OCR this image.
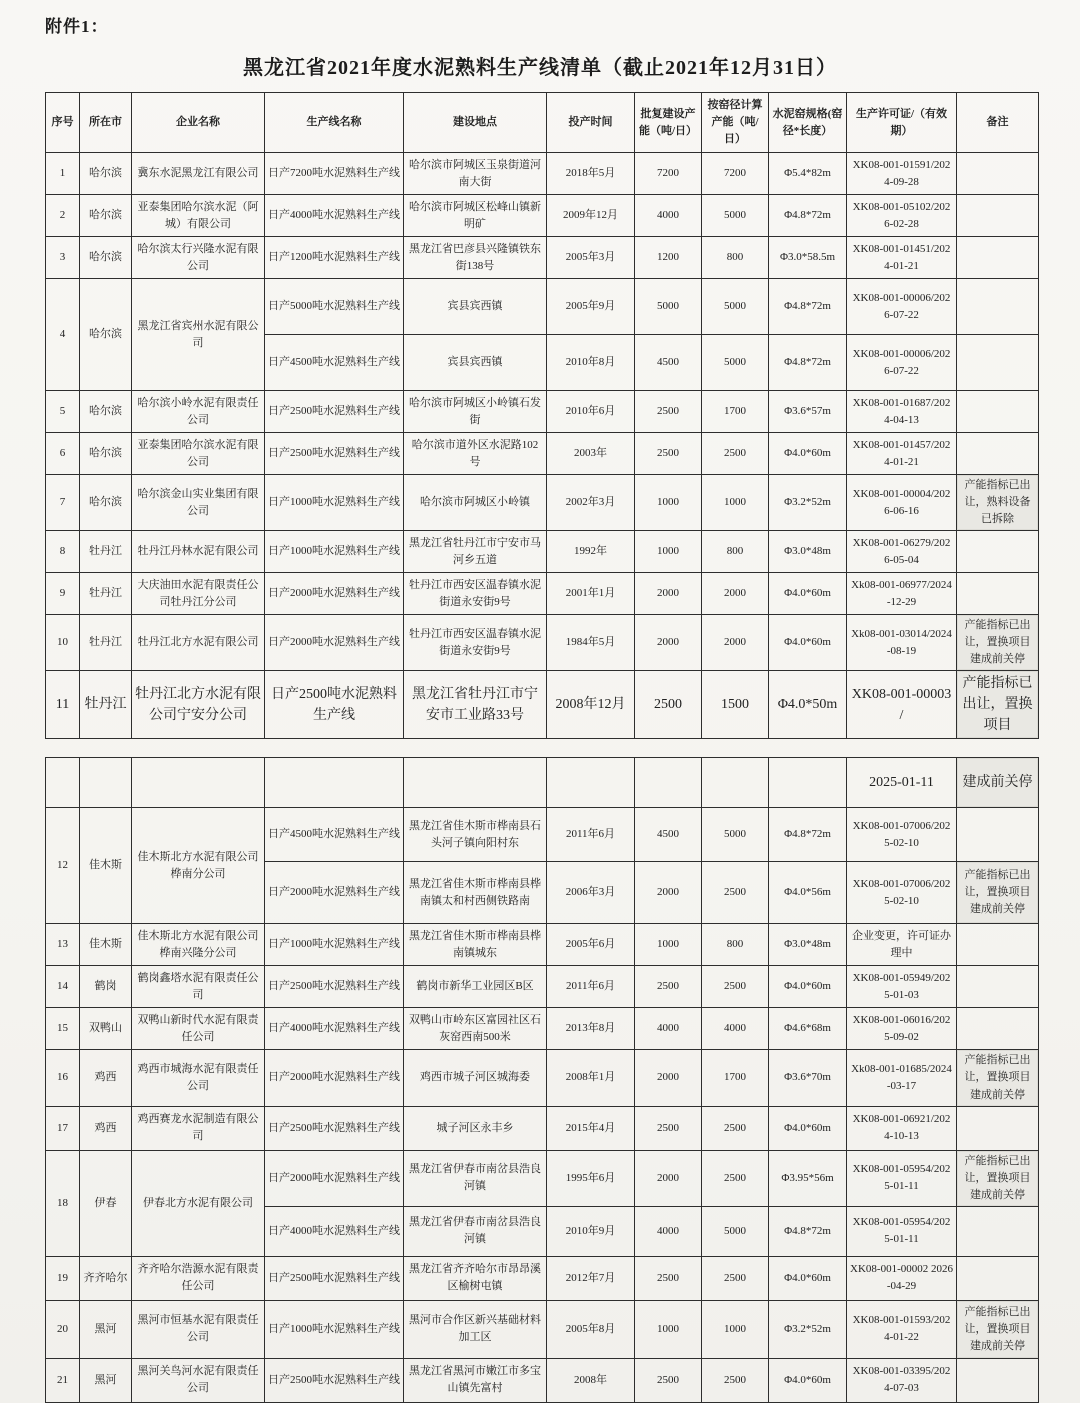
附件1：
黑龙江省2021年度水泥熟料生产线清单（截止2021年12月31日）
序号	所在市	企业名称	生产线名称	建设地点	投产时间	批复建设产能（吨/日）	按窑径计算产能（吨/日）	水泥窑规格(窑径*长度）	生产许可证/（有效期）	备注
1	哈尔滨	冀东水泥黑龙江有限公司	日产7200吨水泥熟料生产线	哈尔滨市阿城区玉泉街道河南大街	2018年5月	7200	7200	Φ5.4*82m	XK08-001-01591/2024-09-28	
2	哈尔滨	亚泰集团哈尔滨水泥（阿城）有限公司	日产4000吨水泥熟料生产线	哈尔滨市阿城区松峰山镇新明矿	2009年12月	4000	5000	Φ4.8*72m	XK08-001-05102/2026-02-28	
3	哈尔滨	哈尔滨太行兴隆水泥有限公司	日产1200吨水泥熟料生产线	黑龙江省巴彦县兴隆镇铁东街138号	2005年3月	1200	800	Φ3.0*58.5m	XK08-001-01451/2024-01-21	
4	哈尔滨	黑龙江省宾州水泥有限公司	日产5000吨水泥熟料生产线	宾县宾西镇	2005年9月	5000	5000	Φ4.8*72m	XK08-001-00006/2026-07-22	
			日产4500吨水泥熟料生产线	宾县宾西镇	2010年8月	4500	5000	Φ4.8*72m	XK08-001-00006/2026-07-22	
5	哈尔滨	哈尔滨小岭水泥有限责任公司	日产2500吨水泥熟料生产线	哈尔滨市阿城区小岭镇石发街	2010年6月	2500	1700	Φ3.6*57m	XK08-001-01687/2024-04-13	
6	哈尔滨	亚泰集团哈尔滨水泥有限公司	日产2500吨水泥熟料生产线	哈尔滨市道外区水泥路102号	2003年	2500	2500	Φ4.0*60m	XK08-001-01457/2024-01-21	
7	哈尔滨	哈尔滨金山实业集团有限公司	日产1000吨水泥熟料生产线	哈尔滨市阿城区小岭镇	2002年3月	1000	1000	Φ3.2*52m	XK08-001-00004/2026-06-16	产能指标已出让，熟料设备已拆除
8	牡丹江	牡丹江丹林水泥有限公司	日产1000吨水泥熟料生产线	黑龙江省牡丹江市宁安市马河乡五道	1992年	1000	800	Φ3.0*48m	XK08-001-06279/2026-05-04	
9	牡丹江	大庆油田水泥有限责任公司牡丹江分公司	日产2000吨水泥熟料生产线	牡丹江市西安区温春镇水泥街道永安街9号	2001年1月	2000	2000	Φ4.0*60m	Xk08-001-06977/2024-12-29	
10	牡丹江	牡丹江北方水泥有限公司	日产2000吨水泥熟料生产线	牡丹江市西安区温春镇水泥街道永安街9号	1984年5月	2000	2000	Φ4.0*60m	Xk08-001-03014/2024-08-19	产能指标已出让，置换项目建成前关停
11	牡丹江	牡丹江北方水泥有限公司宁安分公司	日产2500吨水泥熟料生产线	黑龙江省牡丹江市宁安市工业路33号	2008年12月	2500	1500	Φ4.0*50m	XK08-001-00003 /	产能指标已出让，置换项目
									2025-01-11	建成前关停
12	佳木斯	佳木斯北方水泥有限公司桦南分公司	日产4500吨水泥熟料生产线	黑龙江省佳木斯市桦南县石头河子镇向阳村东	2011年6月	4500	5000	Φ4.8*72m	XK08-001-07006/2025-02-10	
			日产2000吨水泥熟料生产线	黑龙江省佳木斯市桦南县桦南镇太和村西侧铁路南	2006年3月	2000	2500	Φ4.0*56m	XK08-001-07006/2025-02-10	产能指标已出让，置换项目建成前关停
13	佳木斯	佳木斯北方水泥有限公司桦南兴隆分公司	日产1000吨水泥熟料生产线	黑龙江省佳木斯市桦南县桦南镇城东	2005年6月	1000	800	Φ3.0*48m	企业变更，许可证办理中	
14	鹤岗	鹤岗鑫塔水泥有限责任公司	日产2500吨水泥熟料生产线	鹤岗市新华工业园区B区	2011年6月	2500	2500	Φ4.0*60m	XK08-001-05949/2025-01-03	
15	双鸭山	双鸭山新时代水泥有限责任公司	日产4000吨水泥熟料生产线	双鸭山市岭东区富园社区石灰窑西南500米	2013年8月	4000	4000	Φ4.6*68m	XK08-001-06016/2025-09-02	
16	鸡西	鸡西市城海水泥有限责任公司	日产2000吨水泥熟料生产线	鸡西市城子河区城海委	2008年1月	2000	1700	Φ3.6*70m	Xk08-001-01685/2024-03-17	产能指标已出让，置换项目建成前关停
17	鸡西	鸡西赛龙水泥制造有限公司	日产2500吨水泥熟料生产线	城子河区永丰乡	2015年4月	2500	2500	Φ4.0*60m	XK08-001-06921/2024-10-13	
18	伊春	伊春北方水泥有限公司	日产2000吨水泥熟料生产线	黑龙江省伊春市南岔县浩良河镇	1995年6月	2000	2500	Φ3.95*56m	XK08-001-05954/2025-01-11	产能指标已出让，置换项目建成前关停
			日产4000吨水泥熟料生产线	黑龙江省伊春市南岔县浩良河镇	2010年9月	4000	5000	Φ4.8*72m	XK08-001-05954/2025-01-11	
19	齐齐哈尔	齐齐哈尔浩源水泥有限责任公司	日产2500吨水泥熟料生产线	黑龙江省齐齐哈尔市昂昂溪区榆树屯镇	2012年7月	2500	2500	Φ4.0*60m	XK08-001-00002 2026-04-29	
20	黑河	黑河市恒基水泥有限责任公司	日产1000吨水泥熟料生产线	黑河市合作区新兴基础材料加工区	2005年8月	1000	1000	Φ3.2*52m	XK08-001-01593/2024-01-22	产能指标已出让，置换项目建成前关停
21	黑河	黑河关鸟河水泥有限责任公司	日产2500吨水泥熟料生产线	黑龙江省黑河市嫩江市多宝山镇先富村	2008年	2500	2500	Φ4.0*60m	XK08-001-03395/2024-07-03	
